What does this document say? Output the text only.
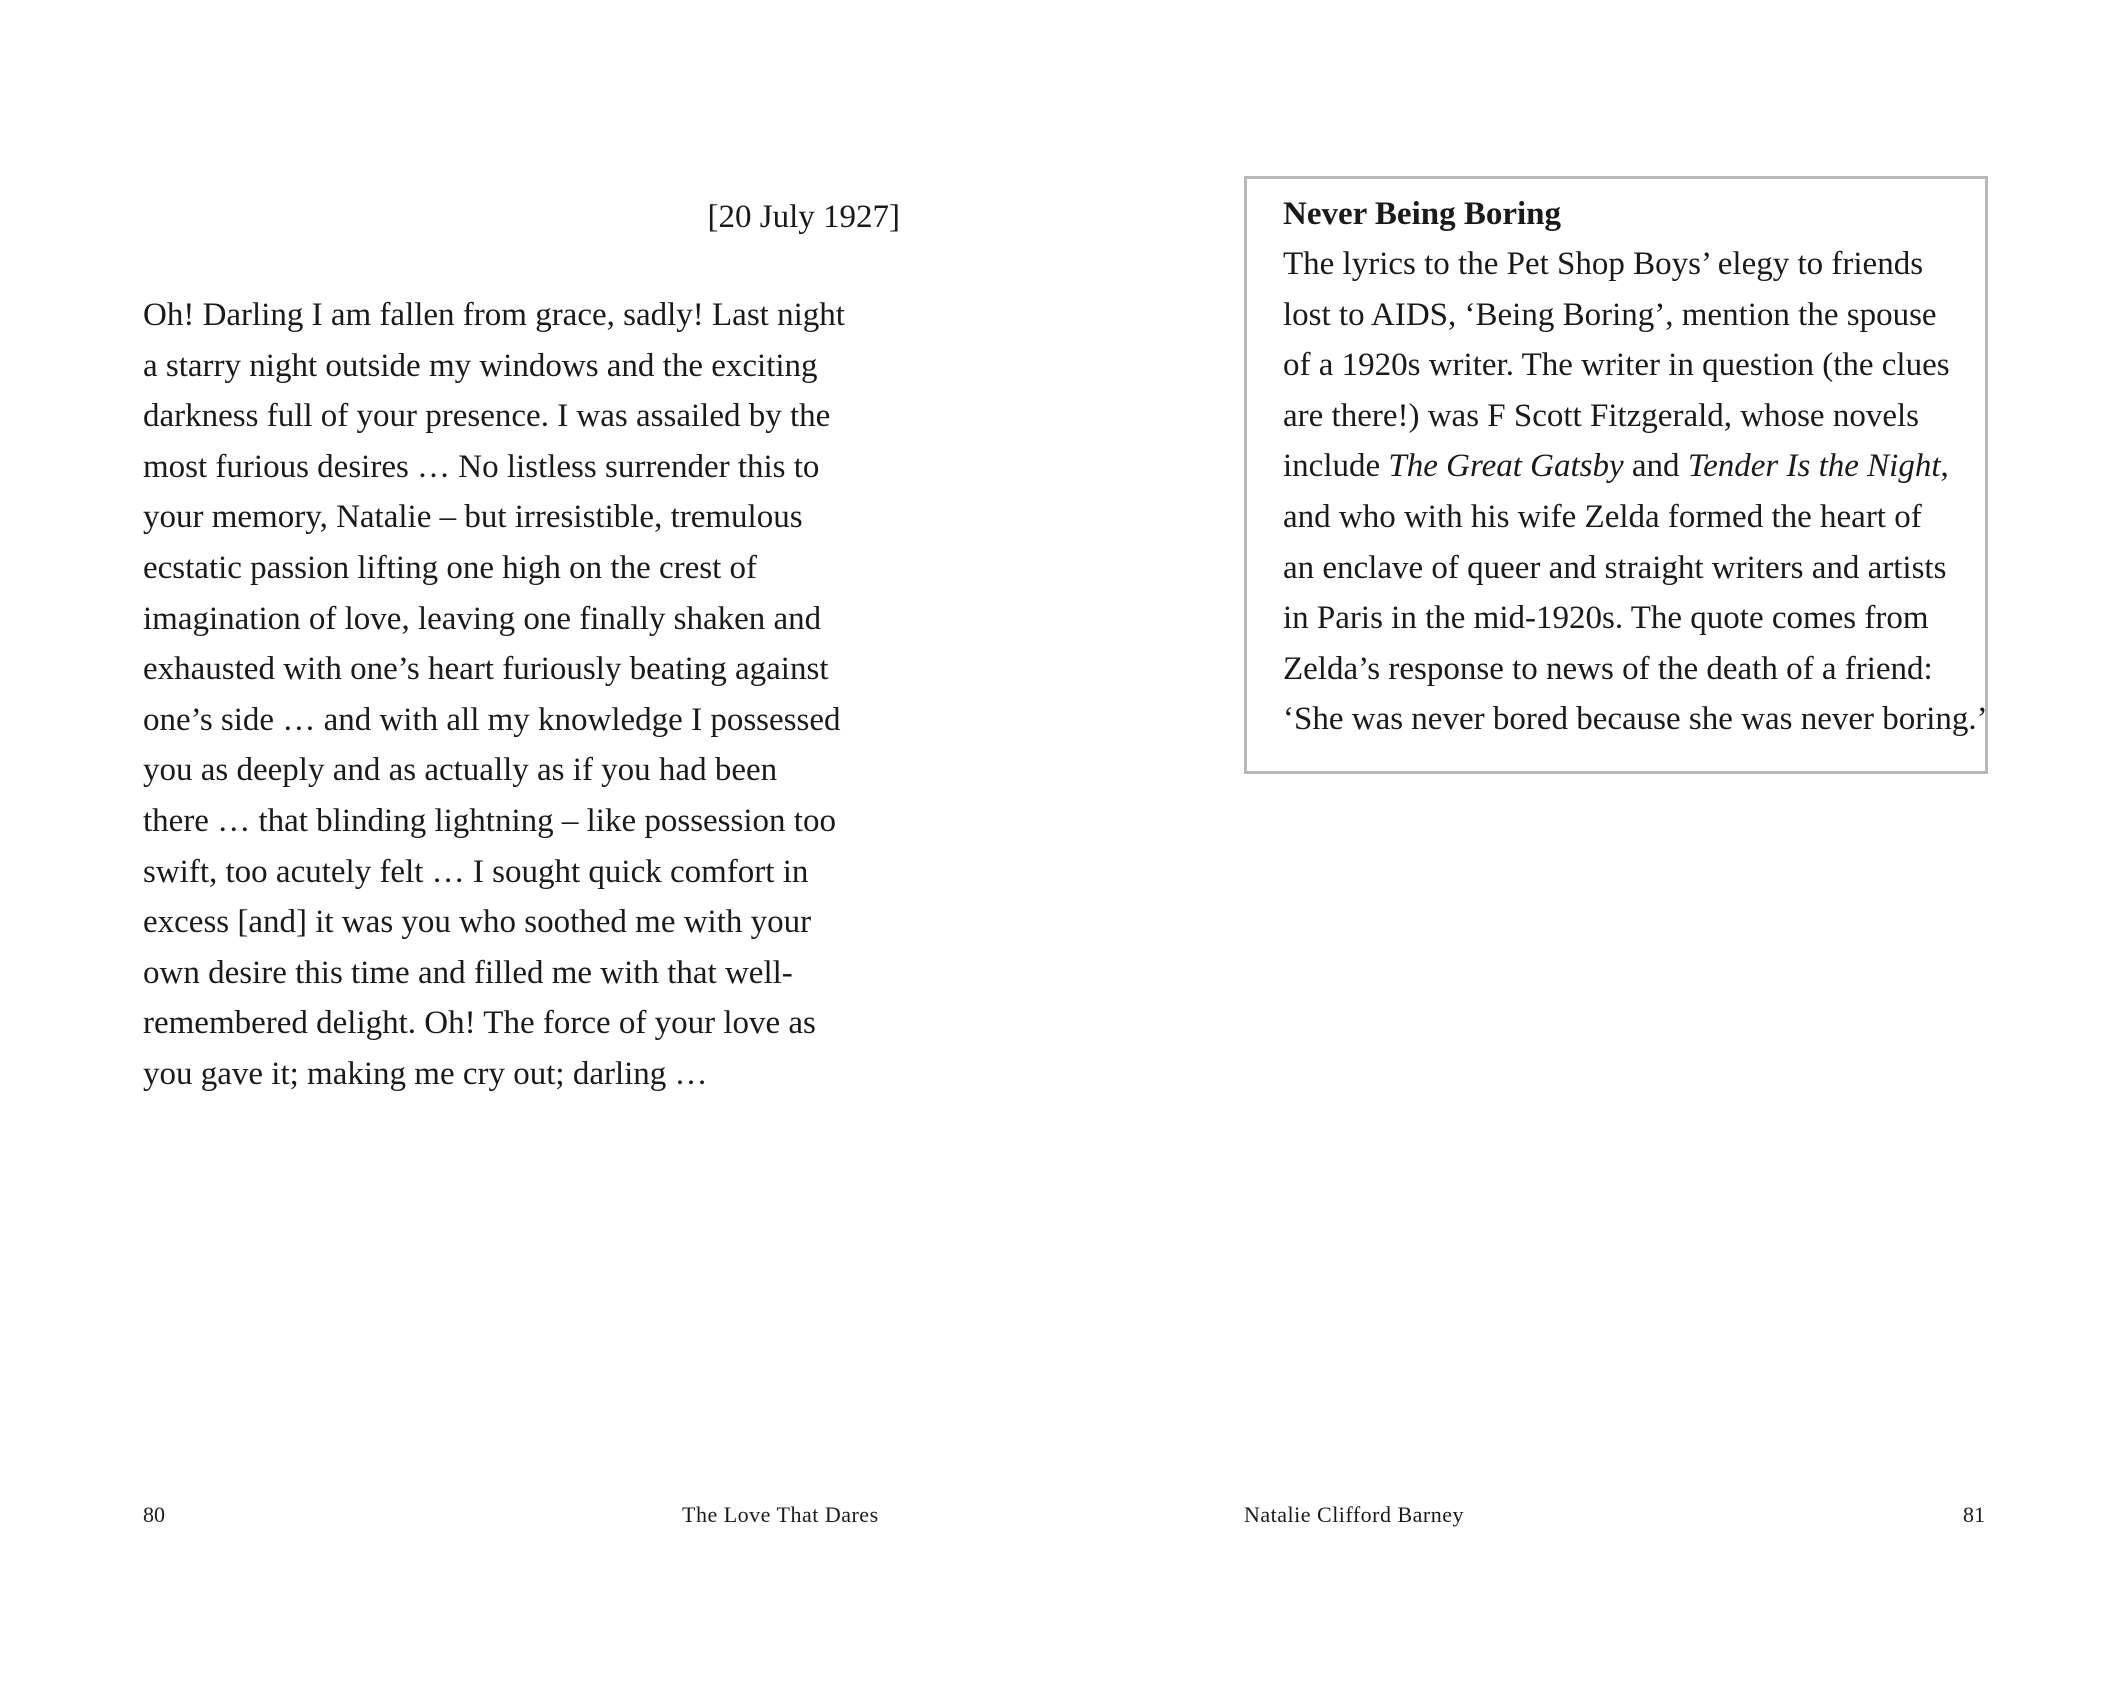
[20 July 1927]
Oh! Darling I am fallen from grace, sadly! Last night
a starry night outside my windows and the exciting
darkness full of your presence. I was assailed by the
most furious desires … No listless surrender this to
your memory, Natalie – but irresistible, tremulous
ecstatic passion lifting one high on the crest of
imagination of love, leaving one finally shaken and
exhausted with one’s heart furiously beating against
one’s side … and with all my knowledge I possessed
you as deeply and as actually as if you had been
there … that blinding lightning – like possession too
swift, too acutely felt … I sought quick comfort in
excess [and] it was you who soothed me with your
own desire this time and filled me with that well-
remembered delight. Oh! The force of your love as
you gave it; making me cry out; darling …
Never Being Boring
The lyrics to the Pet Shop Boys’ elegy to friends
lost to AIDS, ‘Being Boring’, mention the spouse
of a 1920s writer. The writer in question (the clues
are there!) was F Scott Fitzgerald, whose novels
include The Great Gatsby and Tender Is the Night,
and who with his wife Zelda formed the heart of
an enclave of queer and straight writers and artists
in Paris in the mid-1920s. The quote comes from
Zelda’s response to news of the death of a friend:
‘She was never bored because she was never boring.’
80	The Love That Dares	Natalie Clifford Barney	81
